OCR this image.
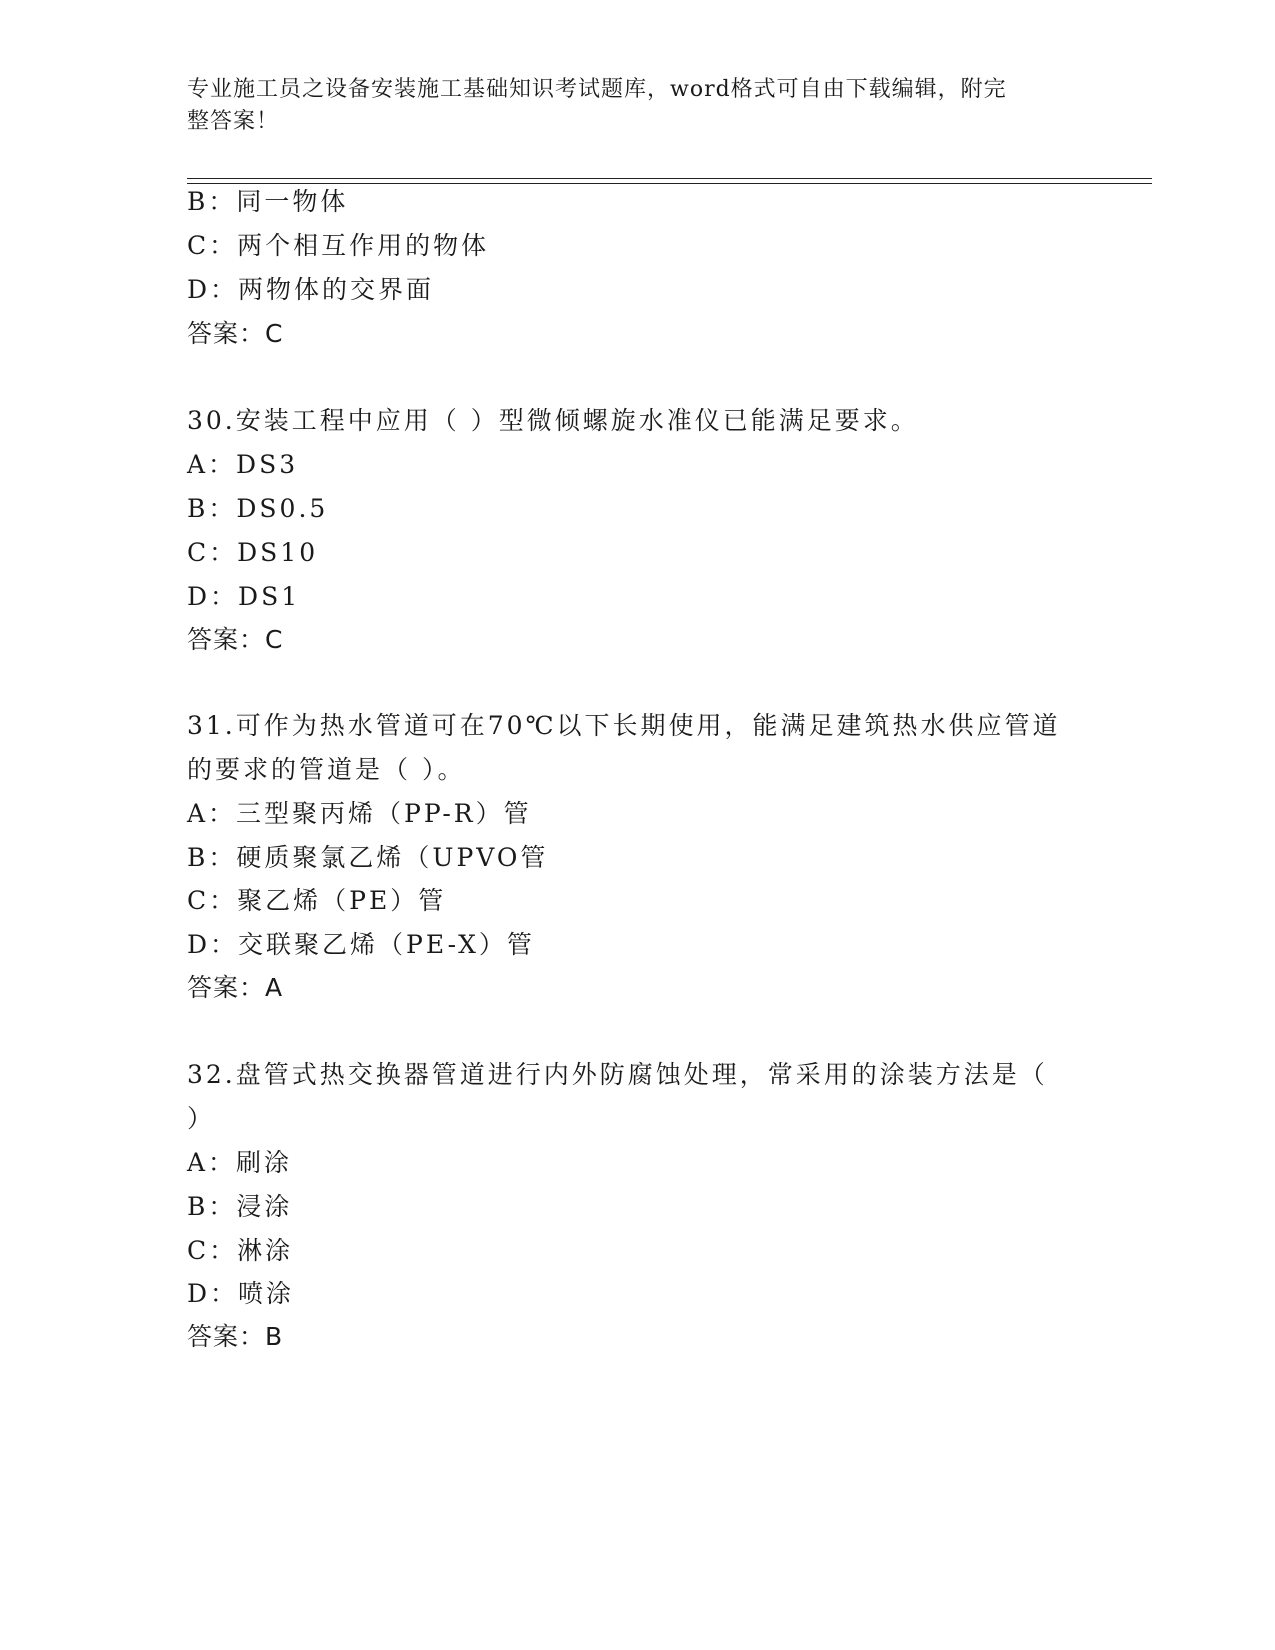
专业施工员之设备安装施工基础知识考试题库，word格式可自由下载编辑，附完
整答案！
B：同一物体
C：两个相互作用的物体
D：两物体的交界面
答案：C
30.安装工程中应用（ ）型微倾螺旋水准仪已能满足要求。
A：DS3
B：DS0.5
C：DS10
D：DS1
答案：C
31.可作为热水管道可在70℃以下长期使用，能满足建筑热水供应管道
的要求的管道是（ ）。
A：三型聚丙烯（PP-R）管
B：硬质聚氯乙烯（UPVO管
C：聚乙烯（PE）管
D：交联聚乙烯（PE-X）管
答案：A
32.盘管式热交换器管道进行内外防腐蚀处理，常采用的涂装方法是（
）
A：刷涂
B：浸涂
C：淋涂
D：喷涂
答案：B
